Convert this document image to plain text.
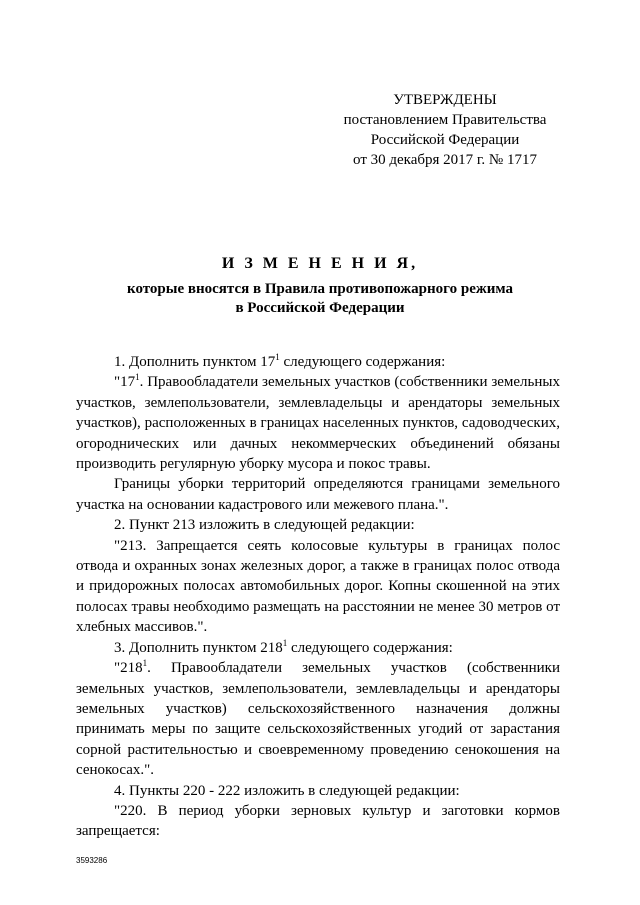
УТВЕРЖДЕНЫ
постановлением Правительства
Российской Федерации
от 30 декабря 2017 г. № 1717
И З М Е Н Е Н И Я,
которые вносятся в Правила противопожарного режима
в Российской Федерации

1. Дополнить пунктом $17^1$ следующего содержания:

"$17^1$. Правообладатели земельных участков (собственники земельных участков, землепользователи, землевладельцы и арендаторы земельных участков), расположенных в границах населенных пунктов, садоводческих, огороднических или дачных некоммерческих объединений обязаны производить регулярную уборку мусора и покос травы.

Границы уборки территорий определяются границами земельного участка на основании кадастрового или межевого плана.".

2. Пункт 213 изложить в следующей редакции:

"213. Запрещается сеять колосовые культуры в границах полос отвода и охранных зонах железных дорог, а также в границах полос отвода и придорожных полосах автомобильных дорог. Копны скошенной на этих полосах травы необходимо размещать на расстоянии не менее 30 метров от хлебных массивов.".

3. Дополнить пунктом $218^1$ следующего содержания:

"$218^1$. Правообладатели земельных участков (собственники земельных участков, землепользователи, землевладельцы и арендаторы земельных участков) сельскохозяйственного назначения должны принимать меры по защите сельскохозяйственных угодий от зарастания сорной растительностью и своевременному проведению сенокошения на сенокосах.".

4. Пункты 220 - 222 изложить в следующей редакции:

"220. В период уборки зерновых культур и заготовки кормов запрещается:

3593286
